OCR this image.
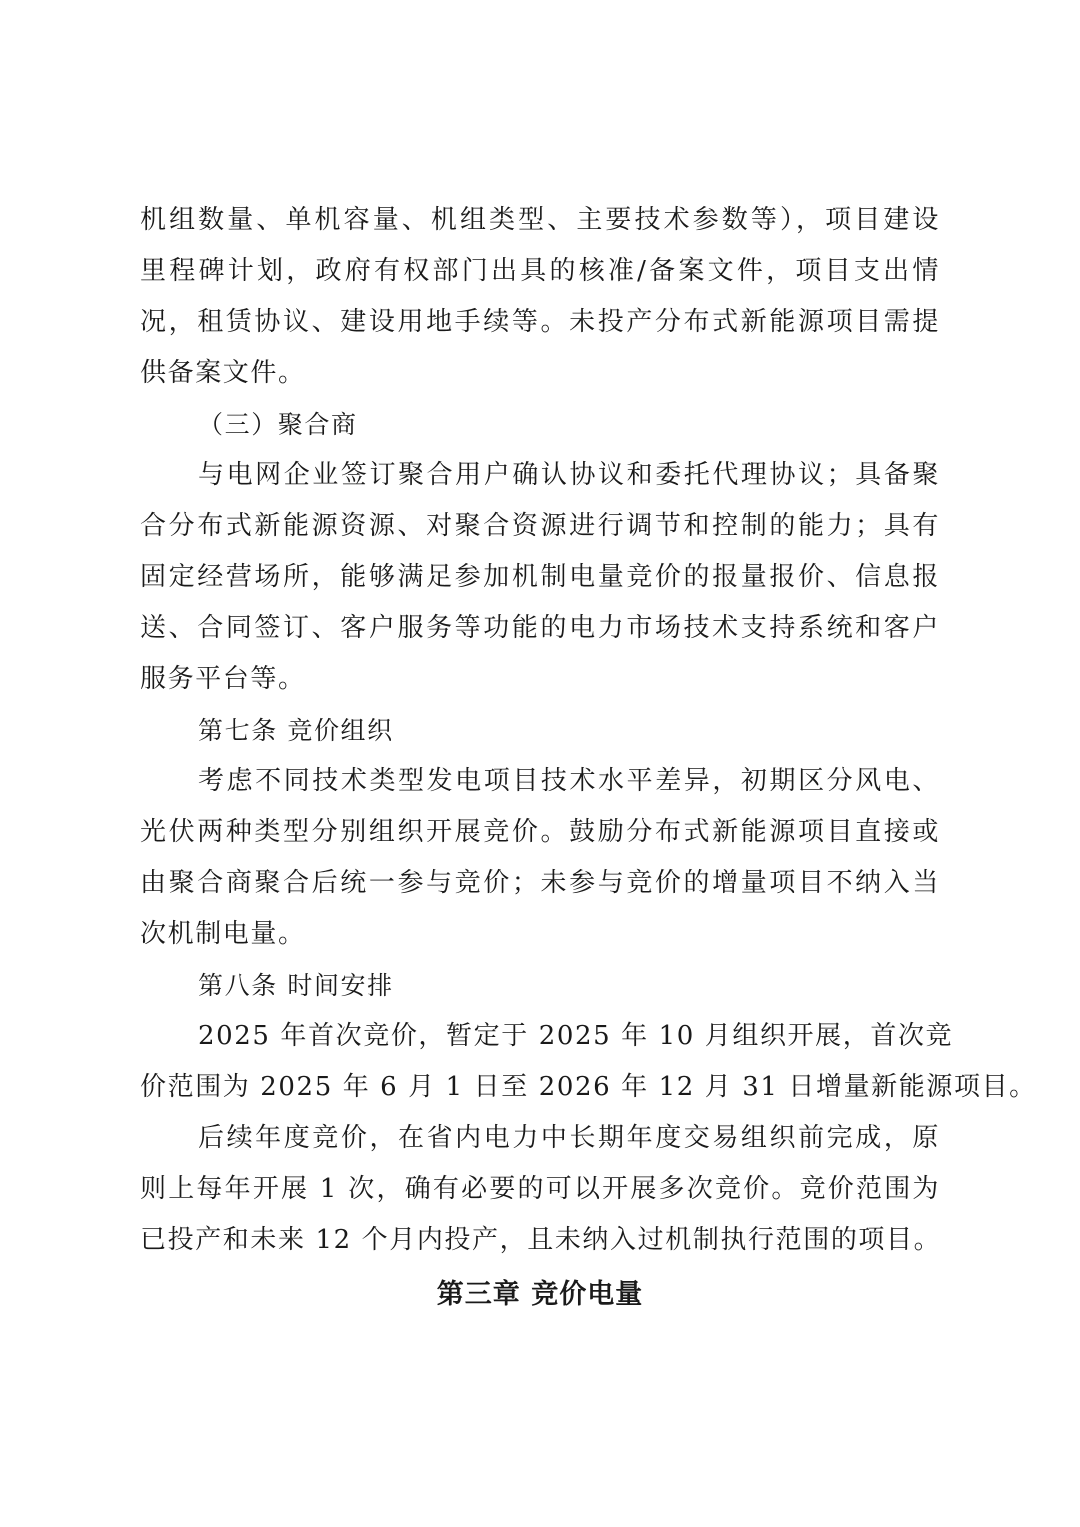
机组数量、单机容量、机组类型、主要技术参数等），项目建设
里程碑计划，政府有权部门出具的核准/备案文件，项目支出情
况，租赁协议、建设用地手续等。未投产分布式新能源项目需提
供备案文件。
（三）聚合商
与电网企业签订聚合用户确认协议和委托代理协议；具备聚
合分布式新能源资源、对聚合资源进行调节和控制的能力；具有
固定经营场所，能够满足参加机制电量竞价的报量报价、信息报
送、合同签订、客户服务等功能的电力市场技术支持系统和客户
服务平台等。
第七条 竞价组织
考虑不同技术类型发电项目技术水平差异，初期区分风电、
光伏两种类型分别组织开展竞价。鼓励分布式新能源项目直接或
由聚合商聚合后统一参与竞价；未参与竞价的增量项目不纳入当
次机制电量。
第八条 时间安排
2025 年首次竞价，暂定于 2025 年 10 月组织开展，首次竞
价范围为 2025 年 6 月 1 日至 2026 年 12 月 31 日增量新能源项目。
后续年度竞价，在省内电力中长期年度交易组织前完成，原
则上每年开展 1 次，确有必要的可以开展多次竞价。竞价范围为
已投产和未来 12 个月内投产，且未纳入过机制执行范围的项目。
第三章 竞价电量
